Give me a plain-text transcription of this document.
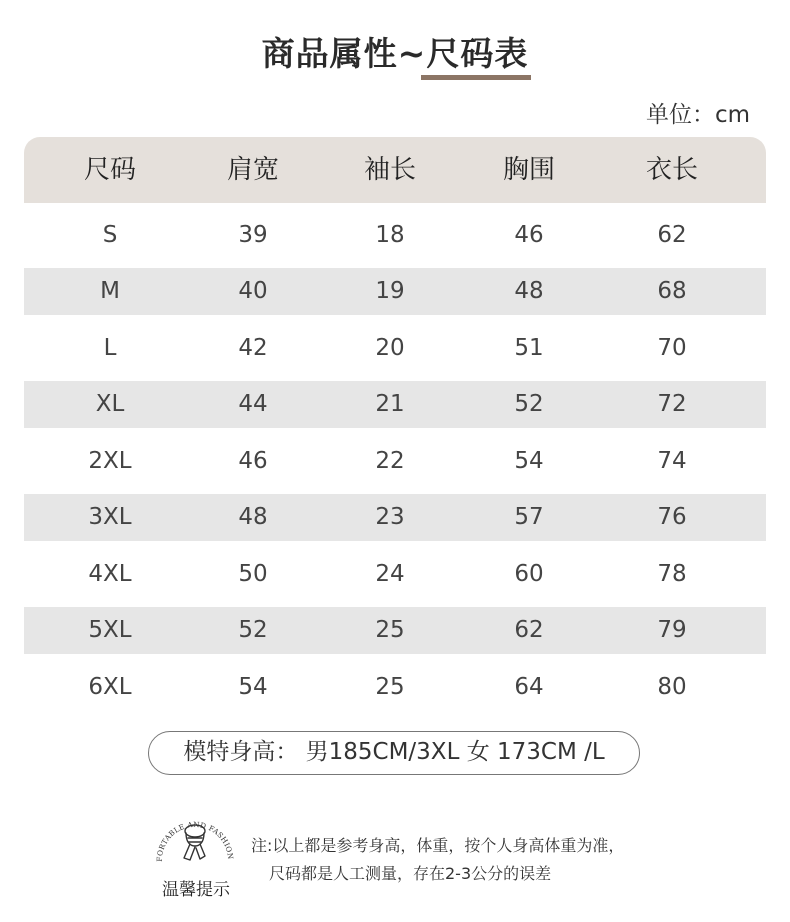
商品属性~尺码表
单位：cm
尺码	肩宽	袖长	胸围	衣长
S	39	18	46	62
M	40	19	48	68
L	42	20	51	70
XL	44	21	52	72
2XL	46	22	54	74
3XL	48	23	57	76
4XL	50	24	60	78
5XL	52	25	62	79
6XL	54	25	64	80
模特身高： 男185CM/3XL 女 173CM /L
FORTABLE AND FASHION
温馨提示
注:以上都是参考身高，体重，按个人身高体重为准，
尺码都是人工测量，存在2-3公分的误差
